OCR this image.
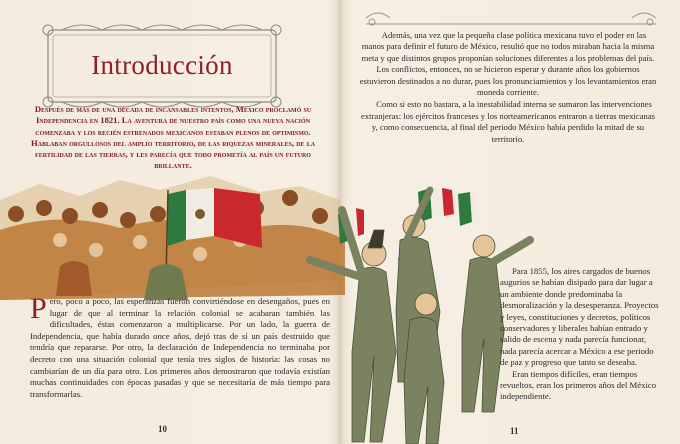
Introducción

Después de más de una década de incansables intentos, México proclamó su Independencia en 1821. La aventura de nuestro país como una nueva nación comenzaba y los recién estrenados mexicanos estaban plenos de optimismo. Hablaban orgullosos del amplio territorio, de las riquezas minerales, de la fertilidad de las tierras, y les parecía que todo prometía al país un futuro brillante.

Pero, poco a poco, las esperanzas fueron convirtiéndose en desengaños, pues en lugar de que al terminar la relación colonial se acabaran también las dificultades, éstas comenzaron a multiplicarse. Por un lado, la guerra de Independencia, que había durado once años, dejó tras de sí un país destruido que tendría que repararse. Por otro, la declaración de Independencia no terminaba por decreto con una situación colonial que tenía tres siglos de historia: las cosas no cambiarían de un día para otro. Los primeros años demostraron que todavía existían muchas continuidades con épocas pasadas y que se necesitaría de más tiempo para transformarlas.

10

Además, una vez que la pequeña clase política mexicana tuvo el poder en las manos para definir el futuro de México, resultó que no todos miraban hacia la misma meta y que distintos grupos proponían soluciones diferentes a los problemas del país. Los conflictos, entonces, no se hicieron esperar y durante años los gobiernos estuvieron destinados a no durar, pues los pronunciamientos y los levantamientos eran moneda corriente.

Como si esto no bastara, a la inestabilidad interna se sumaron las intervenciones extranjeras: los ejércitos franceses y los norteamericanos entraron a tierras mexicanas y, como consecuencia, al final del periodo México había perdido la mitad de su territorio.

Para 1855, los aires cargados de buenos augurios se habían disipado para dar lugar a un ambiente donde predominaba la desmoralización y la desesperanza. Proyectos y leyes, constituciones y decretos, políticos conservadores y liberales habían entrado y salido de escena y nada parecía funcionar, nada parecía acercar a México a ese periodo de paz y progreso que tanto se deseaba.

Eran tiempos difíciles, eran tiempos revueltos, eran los primeros años del México independiente.

11
